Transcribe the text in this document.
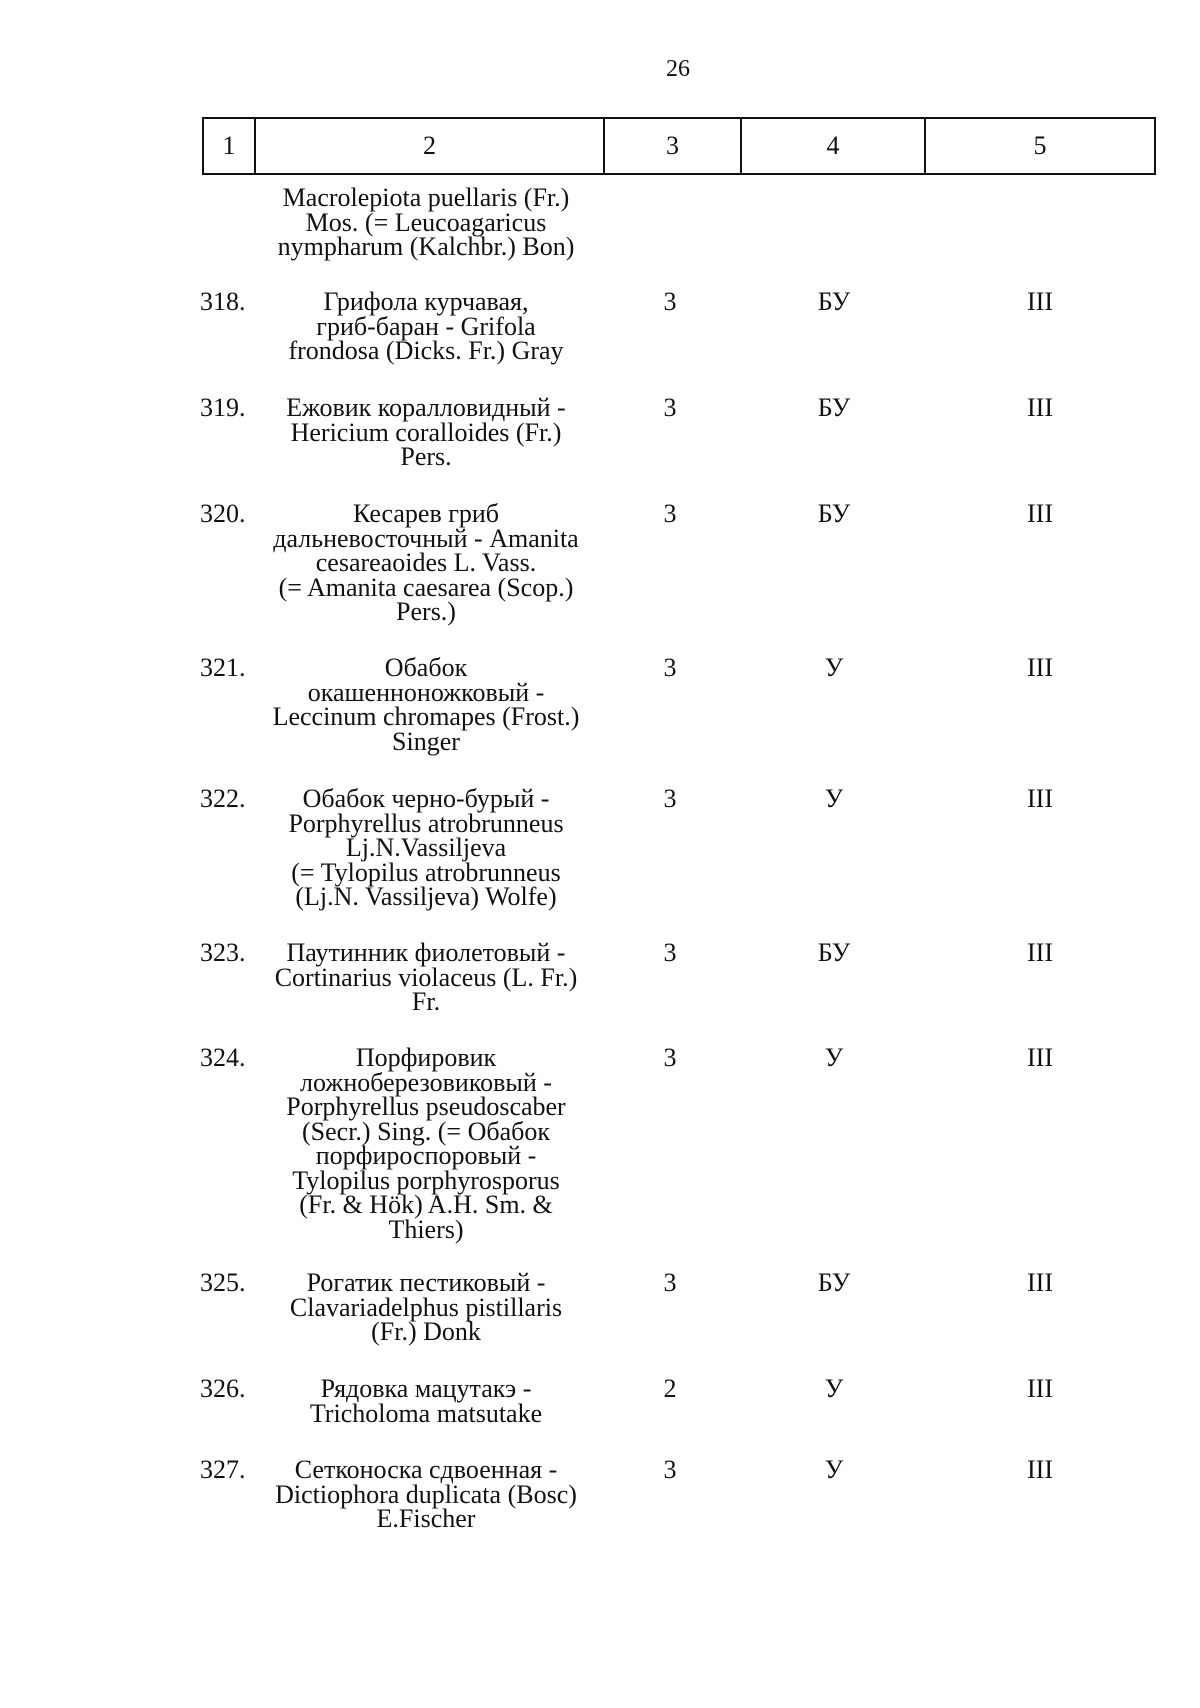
26
1	2	3	4	5
Macrolepiota puellaris (Fr.)
Mos. (= Leucoagaricus
nympharum (Kalchbr.) Bon)
318.	Грифола курчавая,
гриб-баран - Grifola
frondosa (Dicks. Fr.) Gray
3	БУ	III
319.	Ежовик коралловидный -
Hericium coralloides (Fr.)
Pers.
3	БУ	III
320.	Кесарев гриб
дальневосточный - Amanita
cesareaoides L. Vass.
(= Amanita caesarea (Scop.)
Pers.)
3	БУ	III
321.	Обабок
окашенноножковый -
Leccinum chromapes (Frost.)
Singer
3	У	III
322.	Обабок черно-бурый -
Porphyrellus atrobrunneus
Lj.N.Vassiljeva
(= Tylopilus atrobrunneus
(Lj.N. Vassiljeva) Wolfe)
3	У	III
323.	Паутинник фиолетовый -
Cortinarius violaceus (L. Fr.)
Fr.
3	БУ	III
324.	Порфировик
ложноберезовиковый -
Porphyrellus pseudoscaber
(Secr.) Sing. (= Обабок
порфироспоровый -
Tylopilus porphyrosporus
(Fr. & Hök) A.H. Sm. &
Thiers)
3	У	III
325.	Рогатик пестиковый -
Clavariadelphus pistillaris
(Fr.) Donk
3	БУ	III
326.	Рядовка мацутакэ -
Tricholoma matsutake
2	У	III
327.	Сетконоска сдвоенная -
Dictiophora duplicata (Bosc)
E.Fischer
3	У	III
